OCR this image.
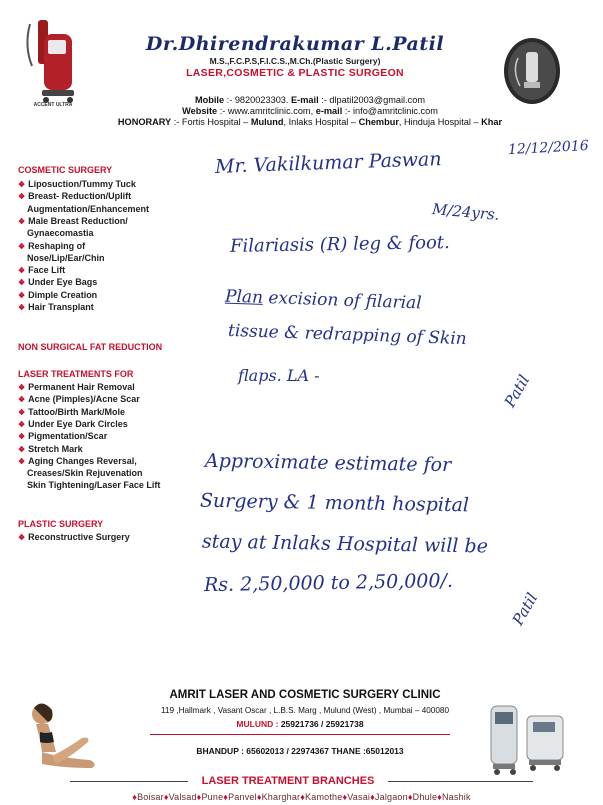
ACCENT ULTRA
Dr.Dhirendrakumar L.Patil
M.S.,F.C.P.S,F.I.C.S.,M.Ch.(Plastic Surgery)
LASER,COSMETIC & PLASTIC SURGEON
Mobile :- 9820023303. E-mail :- dlpatil2003@gmail.com
Website :- www.amritclinic.com, e-mail :- info@amritclinic.com
HONORARY :- Fortis Hospital – Mulund, Inlaks Hospital – Chembur, Hinduja Hospital – Khar
COSMETIC SURGERY
❖ Liposuction/Tummy Tuck
❖ Breast- Reduction/Uplift
Augmentation/Enhancement
❖ Male Breast Reduction/
Gynaecomastia
❖ Reshaping of
Nose/Lip/Ear/Chin
❖ Face Lift
❖ Under Eye Bags
❖ Dimple Creation
❖ Hair Transplant
NON SURGICAL FAT REDUCTION
LASER TREATMENTS FOR
❖ Permanent Hair Removal
❖ Acne (Pimples)/Acne Scar
❖ Tattoo/Birth Mark/Mole
❖ Under Eye Dark Circles
❖ Pigmentation/Scar
❖ Stretch Mark
❖ Aging Changes Reversal,
Creases/Skin Rejuvenation
Skin Tightening/Laser Face Lift
PLASTIC SURGERY
❖ Reconstructive Surgery
12/12/2016
Mr. Vakilkumar Paswan
M/24yrs.
Filariasis (R) leg & foot.
Plan excision of filarial
tissue & redrapping of Skin
flaps. LA -	Patil
Approximate estimate for
Surgery & 1 month hospital
stay at Inlaks Hospital will be
Rs. 2,50,000 to 2,50,000/.
Patil
AMRIT LASER AND COSMETIC SURGERY CLINIC
119 ,Hallmark , Vasant Oscar , L.B.S. Marg , Mulund (West) , Mumbai – 400080
MULUND : 25921736 / 25921738
BHANDUP : 65602013 / 22974367 THANE :65012013
LASER TREATMENT BRANCHES
♦Boisar♦Valsad♦Pune♦Panvel♦Kharghar♦Kamothe♦Vasai♦Jalgaon♦Dhule♦Nashik
